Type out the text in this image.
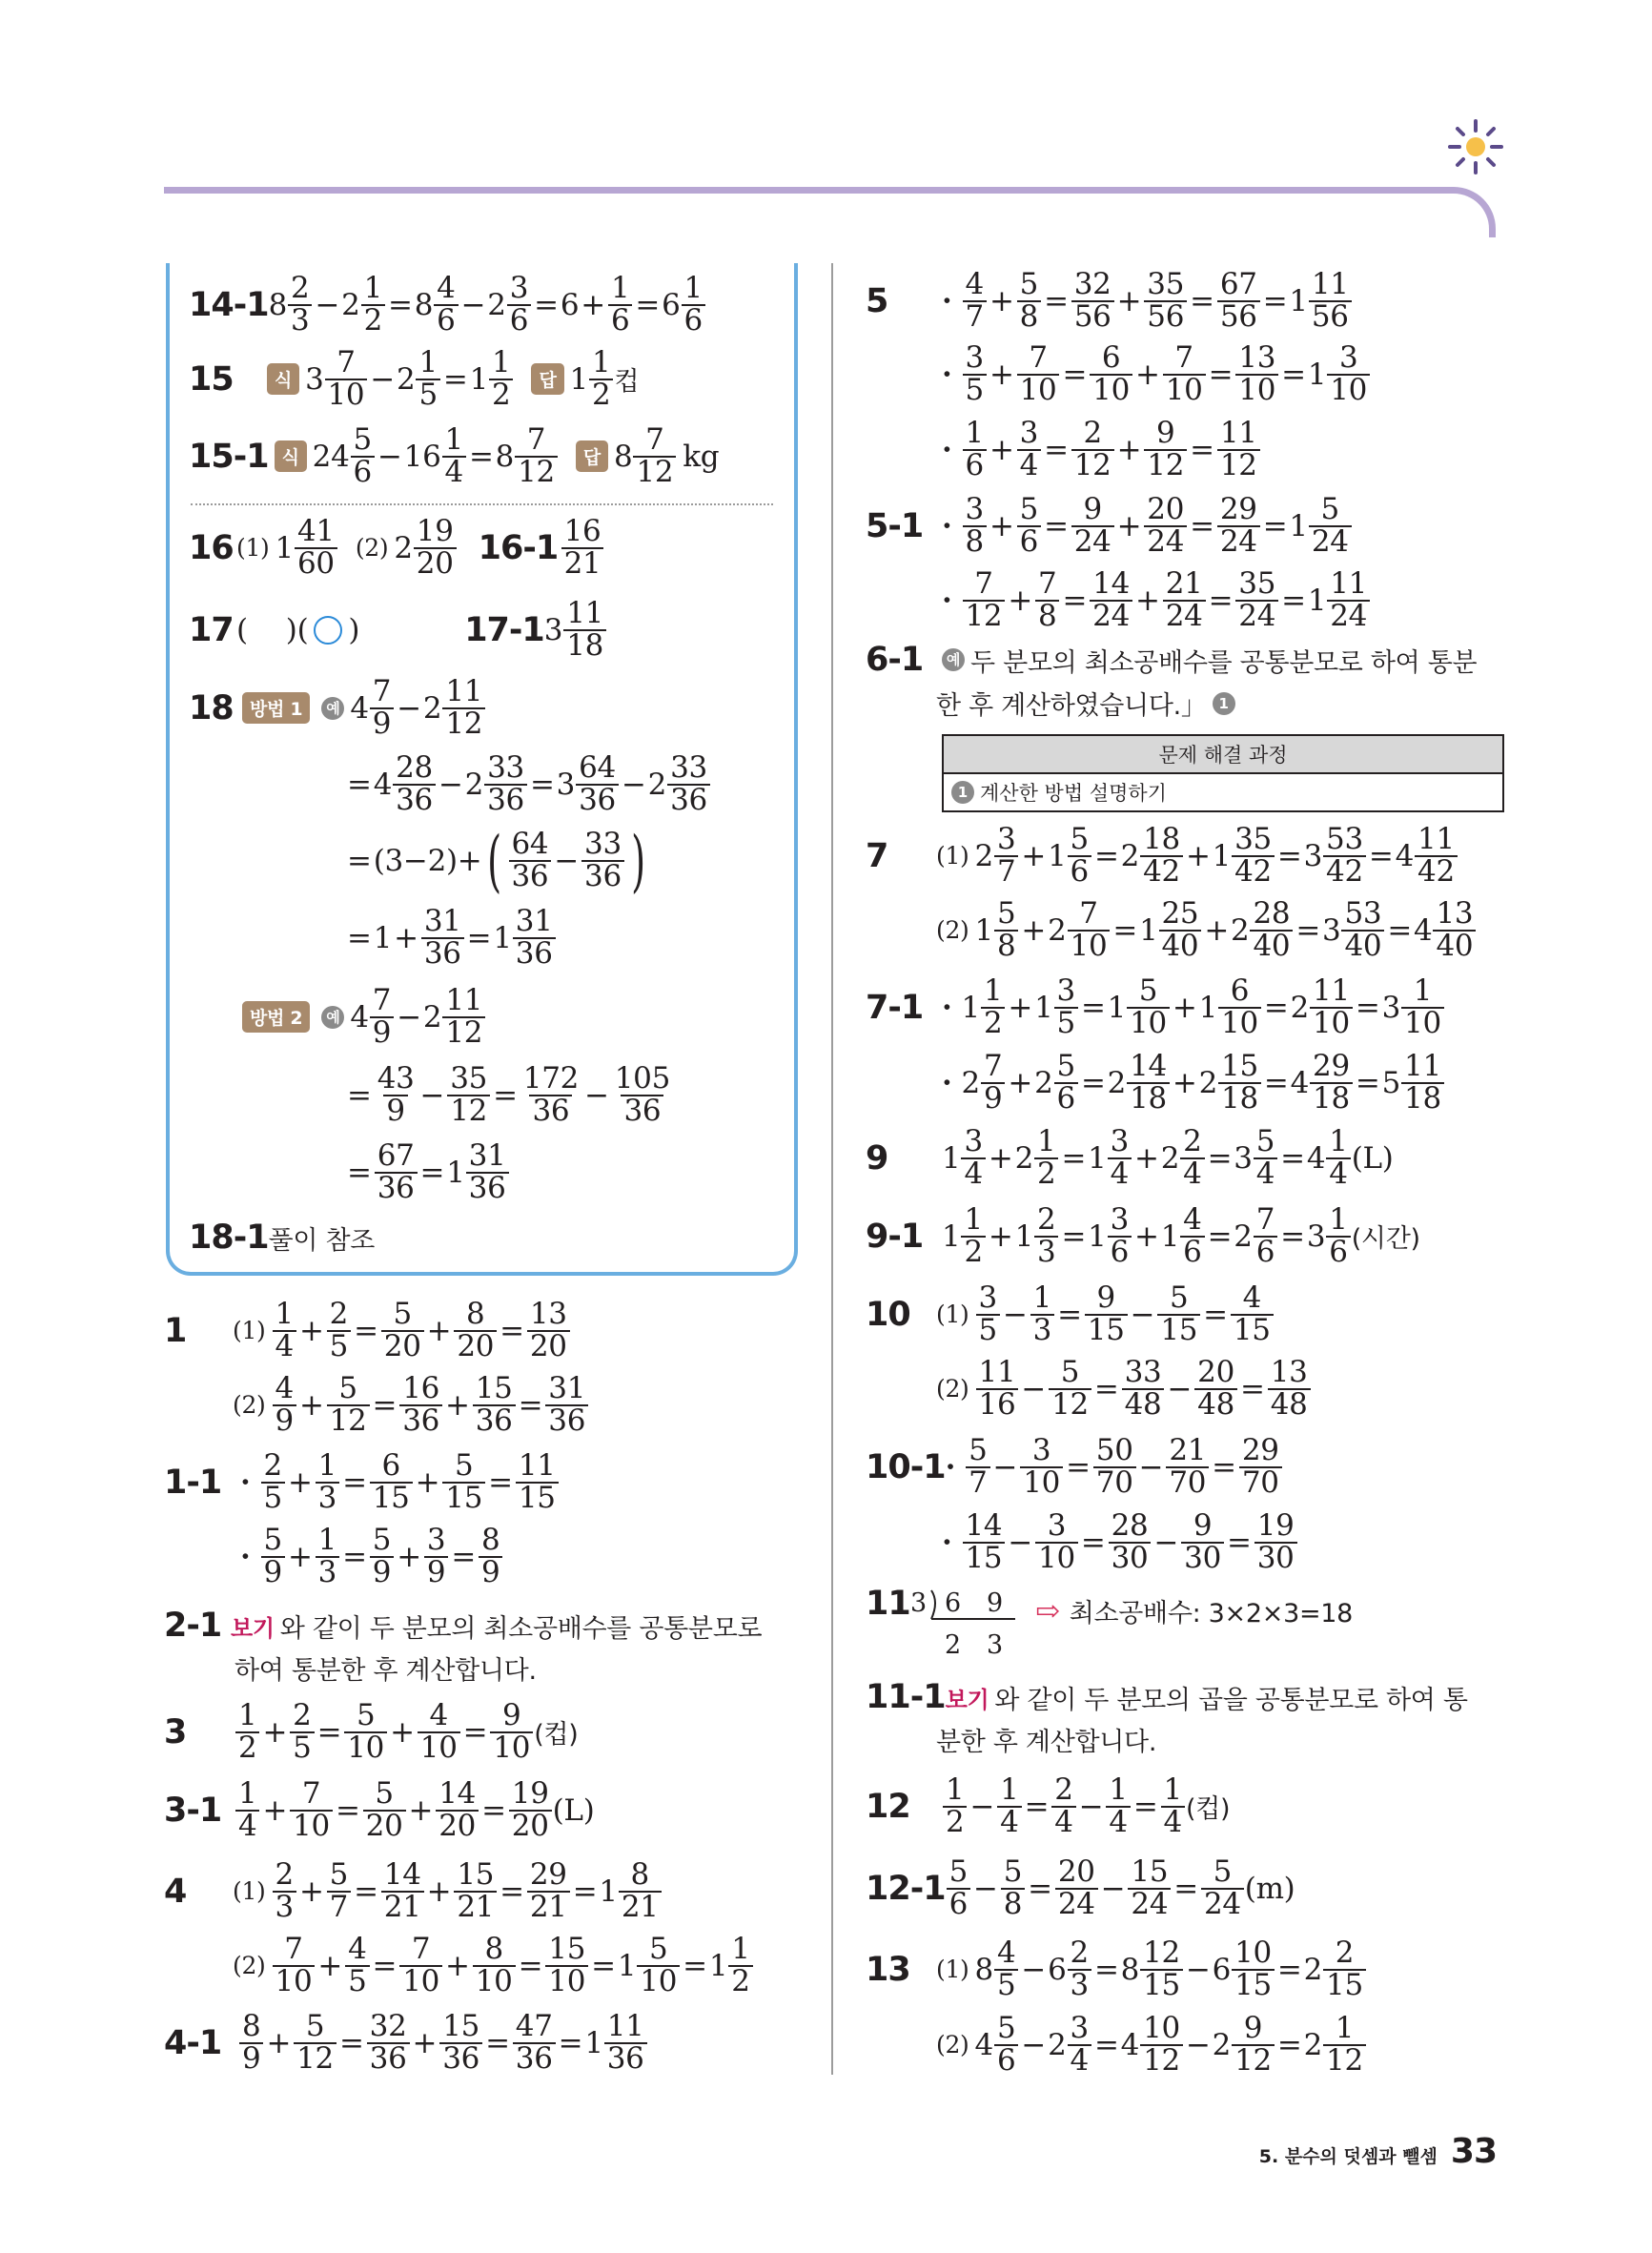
14-1 $8 \frac{2}{3} - 2 \frac{1}{2} = 8 \frac{4}{6} - 2 \frac{3}{6} = 6 + \frac{1}{6} = 6 \frac{1}{6}$
15	식 $3 \frac{7}{10} - 2 \frac{1}{5} = 1 \frac{1}{2}$	답 $1 \frac{1}{2}$ 컵
15-1 식 $24 \frac{5}{6} - 16 \frac{1}{4} = 8 \frac{7}{12}$	답 $8 \frac{7}{12}$ kg
16 (1) $1 \frac{41}{60} (2)$ $2 \frac{19}{20} 16-1 \frac{16}{21}$
17 ( ) ( ○ )	17-1 $3 \frac{11}{18}$
18 방법 1	예 $4 \frac{7}{9} - 2 \frac{11}{12}$
= $4 \frac{28}{36} - 2 \frac{33}{36} = 3 \frac{64}{36} - 2 \frac{33}{36}$
= (3−2)+ ( $\frac{64}{36} - \frac{33}{36}$ )
= $1 + \frac{31}{36} = 1 \frac{31}{36}$
방법 2	예 $4 \frac{7}{9} - 2 \frac{11}{12}$
= $\frac{43}{9} - \frac{35}{12} = \frac{172}{36} - \frac{105}{36}$
= $\frac{67}{36} = 1 \frac{31}{36}$
18-1 풀이 참조
1	$(1) \frac{1}{4} + \frac{2}{5} = \frac{5}{20} + \frac{8}{20} = \frac{13}{20}$
$(2) \frac{4}{9} + \frac{5}{12} = \frac{16}{36} + \frac{15}{36} = \frac{31}{36}$
$1-1 \cdot \frac{2}{5} + \frac{1}{3} = \frac{6}{15} + \frac{5}{15} = \frac{11}{15}$
· $\frac{5}{9} + \frac{1}{3} = \frac{5}{9} + \frac{3}{9} = \frac{8}{9}$
2-1 보기 와 같이 두 분모의 최소공배수를 공통분모로
하여 통분한 후 계산합니다.
3	$\frac{1}{2} + \frac{2}{5} = \frac{5}{10} + \frac{4}{10} = \frac{9}{10}$ (컵)
$3-1 \frac{1}{4} + \frac{7}{10} = \frac{5}{20} + \frac{14}{20} = \frac{19}{20} (L)$
4	$(1) \frac{2}{3} + \frac{5}{7} = \frac{14}{21} + \frac{15}{21} = \frac{29}{21} = 1 \frac{8}{21}$
$(2) \frac{7}{10} + \frac{4}{5} = \frac{7}{10} + \frac{8}{10} = \frac{15}{10} = 1 \frac{5}{10} = 1 \frac{1}{2}$
$4-1 \frac{8}{9} + \frac{5}{12} = \frac{32}{36} + \frac{15}{36} = \frac{47}{36} = 1 \frac{11}{36}$
5	· $\frac{4}{7} + \frac{5}{8} = \frac{32}{56} + \frac{35}{56} = \frac{67}{56} = 1 \frac{11}{56}$
· $\frac{3}{5} + \frac{7}{10} = \frac{6}{10} + \frac{7}{10} = \frac{13}{10} = 1 \frac{3}{10}$
· $\frac{1}{6} + \frac{3}{4} = \frac{2}{12} + \frac{9}{12} = \frac{11}{12}$
$5-1 \cdot \frac{3}{8} + \frac{5}{6} = \frac{9}{24} + \frac{20}{24} = \frac{29}{24} = 1 \frac{5}{24}$
· $\frac{7}{12} + \frac{7}{8} = \frac{14}{24} + \frac{21}{24} = \frac{35}{24} = 1 \frac{11}{24}$
6-1	예 두 분모의 최소공배수를 공통분모로 하여 통분
한 후 계산하였습니다.」 1
문제 해결 과정
1 계산한 방법 설명하기
7	(1) $2 \frac{3}{7} + 1 \frac{5}{6} = 2 \frac{18}{42} + 1 \frac{35}{42} = 3 \frac{53}{42} = 4 \frac{11}{42}$
(2) $1 \frac{5}{8} + 2 \frac{7}{10} = 1 \frac{25}{40} + 2 \frac{28}{40} = 3 \frac{53}{40} = 4 \frac{13}{40}$
$7-1 \cdot 1 \frac{1}{2} + 1 \frac{3}{5} = 1 \frac{5}{10} + 1 \frac{6}{10} = 2 \frac{11}{10} = 3 \frac{1}{10}$
· $2 \frac{7}{9} + 2 \frac{5}{6} = 2 \frac{14}{18} + 2 \frac{15}{18} = 4 \frac{29}{18} = 5 \frac{11}{18}$
9	$1 \frac{3}{4} + 2 \frac{1}{2} = 1 \frac{3}{4} + 2 \frac{2}{4} = 3 \frac{5}{4} = 4 \frac{1}{4} (L)$
9-1 $1 \frac{1}{2} + 1 \frac{2}{3} = 1 \frac{3}{6} + 1 \frac{4}{6} = 2 \frac{7}{6} = 3 \frac{1}{6}$ (시간)
10	$(1) \frac{3}{5} - \frac{1}{3} = \frac{9}{15} - \frac{5}{15} = \frac{4}{15}$
$(2) \frac{11}{16} - \frac{5}{12} = \frac{33}{48} - \frac{20}{48} = \frac{13}{48}$
$10-1 \cdot \frac{5}{7} - \frac{3}{10} = \frac{50}{70} - \frac{21}{70} = \frac{29}{70}$
· $\frac{14}{15} - \frac{3}{10} = \frac{28}{30} - \frac{9}{30} = \frac{19}{30}$
11 3 6 9
2 3
⇨ 최소공배수: 3×2×3=18
11-1 보기 와 같이 두 분모의 곱을 공통분모로 하여 통
분한 후 계산합니다.
12	$\frac{1}{2} - \frac{1}{4} = \frac{2}{4} - \frac{1}{4} = \frac{1}{4}$ (컵)
$12-1 \frac{5}{6} - \frac{5}{8} = \frac{20}{24} - \frac{15}{24} = \frac{5}{24} (m)$
13	(1) $8 \frac{4}{5} - 6 \frac{2}{3} = 8 \frac{12}{15} - 6 \frac{10}{15} = 2 \frac{2}{15}$
(2) $4 \frac{5}{6} - 2 \frac{3}{4} = 4 \frac{10}{12} - 2 \frac{9}{12} = 2 \frac{1}{12}$
5. 분수의 덧셈과 뺄셈 33
